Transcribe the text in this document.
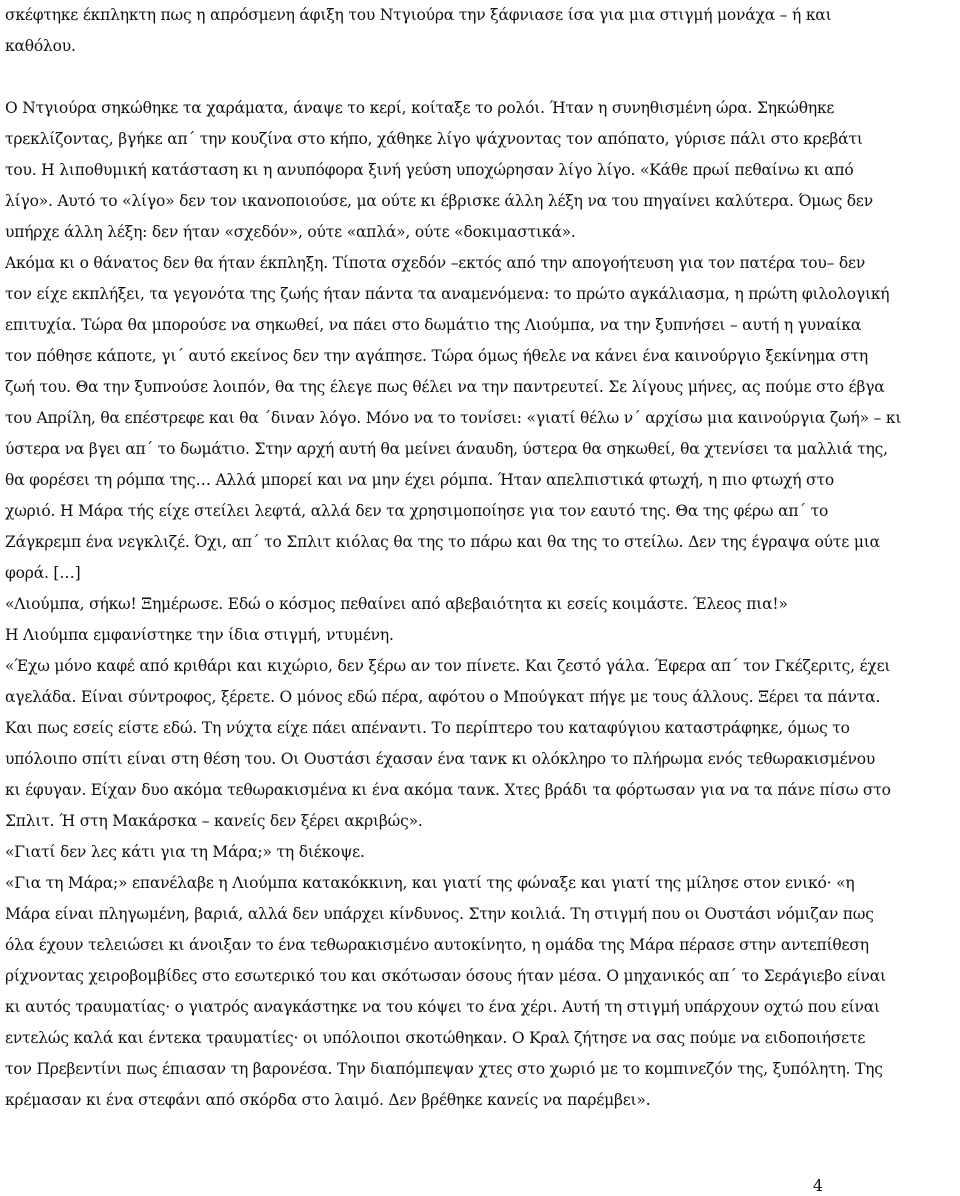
σκέφτηκε έκπληκτη πως η απρόσμενη άφιξη του Ντγιούρα την ξάφνιασε ίσα για μια στιγμή μονάχα – ή και
καθόλου.
Ο Ντγιούρα σηκώθηκε τα χαράματα, άναψε το κερί, κοίταξε το ρολόι. Ήταν η συνηθισμένη ώρα. Σηκώθηκε
τρεκλίζοντας, βγήκε απ΄ την κουζίνα στο κήπο, χάθηκε λίγο ψάχνοντας τον απόπατο, γύρισε πάλι στο κρεβάτι
του. Η λιποθυμική κατάσταση κι η ανυπόφορα ξινή γεύση υποχώρησαν λίγο λίγο. «Κάθε πρωί πεθαίνω κι από
λίγο». Αυτό το «λίγο» δεν τον ικανοποιούσε, μα ούτε κι έβρισκε άλλη λέξη να του πηγαίνει καλύτερα. Όμως δεν
υπήρχε άλλη λέξη: δεν ήταν «σχεδόν», ούτε «απλά», ούτε «δοκιμαστικά».
Ακόμα κι ο θάνατος δεν θα ήταν έκπληξη. Τίποτα σχεδόν –εκτός από την απογοήτευση για τον πατέρα του– δεν
τον είχε εκπλήξει, τα γεγονότα της ζωής ήταν πάντα τα αναμενόμενα: το πρώτο αγκάλιασμα, η πρώτη φιλολογική
επιτυχία. Τώρα θα μπορούσε να σηκωθεί, να πάει στο δωμάτιο της Λιούμπα, να την ξυπνήσει – αυτή η γυναίκα
τον πόθησε κάποτε, γι΄ αυτό εκείνος δεν την αγάπησε. Τώρα όμως ήθελε να κάνει ένα καινούργιο ξεκίνημα στη
ζωή του. Θα την ξυπνούσε λοιπόν, θα της έλεγε πως θέλει να την παντρευτεί. Σε λίγους μήνες, ας πούμε στο έβγα
του Απρίλη, θα επέστρεφε και θα ΄διναν λόγο. Μόνο να το τονίσει: «γιατί θέλω ν΄ αρχίσω μια καινούργια ζωή» – κι
ύστερα να βγει απ΄ το δωμάτιο. Στην αρχή αυτή θα μείνει άναυδη, ύστερα θα σηκωθεί, θα χτενίσει τα μαλλιά της,
θα φορέσει τη ρόμπα της… Αλλά μπορεί και να μην έχει ρόμπα. Ήταν απελπιστικά φτωχή, η πιο φτωχή στο
χωριό. Η Μάρα τής είχε στείλει λεφτά, αλλά δεν τα χρησιμοποίησε για τον εαυτό της. Θα της φέρω απ΄ το
Ζάγκρεμπ ένα νεγκλιζέ. Όχι, απ΄ το Σπλιτ κιόλας θα της το πάρω και θα της το στείλω. Δεν της έγραψα ούτε μια
φορά. […]
«Λιούμπα, σήκω! Ξημέρωσε. Εδώ ο κόσμος πεθαίνει από αβεβαιότητα κι εσείς κοιμάστε. Έλεος πια!»
Η Λιούμπα εμφανίστηκε την ίδια στιγμή, ντυμένη.
«Έχω μόνο καφέ από κριθάρι και κιχώριο, δεν ξέρω αν τον πίνετε. Και ζεστό γάλα. Έφερα απ΄ τον Γκέζεριτς, έχει
αγελάδα. Είναι σύντροφος, ξέρετε. Ο μόνος εδώ πέρα, αφότου ο Μπούγκατ πήγε με τους άλλους. Ξέρει τα πάντα.
Και πως εσείς είστε εδώ. Τη νύχτα είχε πάει απέναντι. Το περίπτερο του καταφύγιου καταστράφηκε, όμως το
υπόλοιπο σπίτι είναι στη θέση του. Οι Ουστάσι έχασαν ένα τανκ κι ολόκληρο το πλήρωμα ενός τεθωρακισμένου
κι έφυγαν. Είχαν δυο ακόμα τεθωρακισμένα κι ένα ακόμα τανκ. Χτες βράδι τα φόρτωσαν για να τα πάνε πίσω στο
Σπλιτ. Ή στη Μακάρσκα – κανείς δεν ξέρει ακριβώς».
«Γιατί δεν λες κάτι για τη Μάρα;» τη διέκοψε.
«Για τη Μάρα;» επανέλαβε η Λιούμπα κατακόκκινη, και γιατί της φώναξε και γιατί της μίλησε στον ενικό· «η
Μάρα είναι πληγωμένη, βαριά, αλλά δεν υπάρχει κίνδυνος. Στην κοιλιά. Τη στιγμή που οι Ουστάσι νόμιζαν πως
όλα έχουν τελειώσει κι άνοιξαν το ένα τεθωρακισμένο αυτοκίνητο, η ομάδα της Μάρα πέρασε στην αντεπίθεση
ρίχνοντας χειροβομβίδες στο εσωτερικό του και σκότωσαν όσους ήταν μέσα. Ο μηχανικός απ΄ το Σεράγιεβο είναι
κι αυτός τραυματίας· ο γιατρός αναγκάστηκε να του κόψει το ένα χέρι. Αυτή τη στιγμή υπάρχουν οχτώ που είναι
εντελώς καλά και έντεκα τραυματίες· οι υπόλοιποι σκοτώθηκαν. Ο Κραλ ζήτησε να σας πούμε να ειδοποιήσετε
τον Πρεβεντίνι πως έπιασαν τη βαρονέσα. Την διαπόμπεψαν χτες στο χωριό με το κομπινεζόν της, ξυπόλητη. Της
κρέμασαν κι ένα στεφάνι από σκόρδα στο λαιμό. Δεν βρέθηκε κανείς να παρέμβει».
4
